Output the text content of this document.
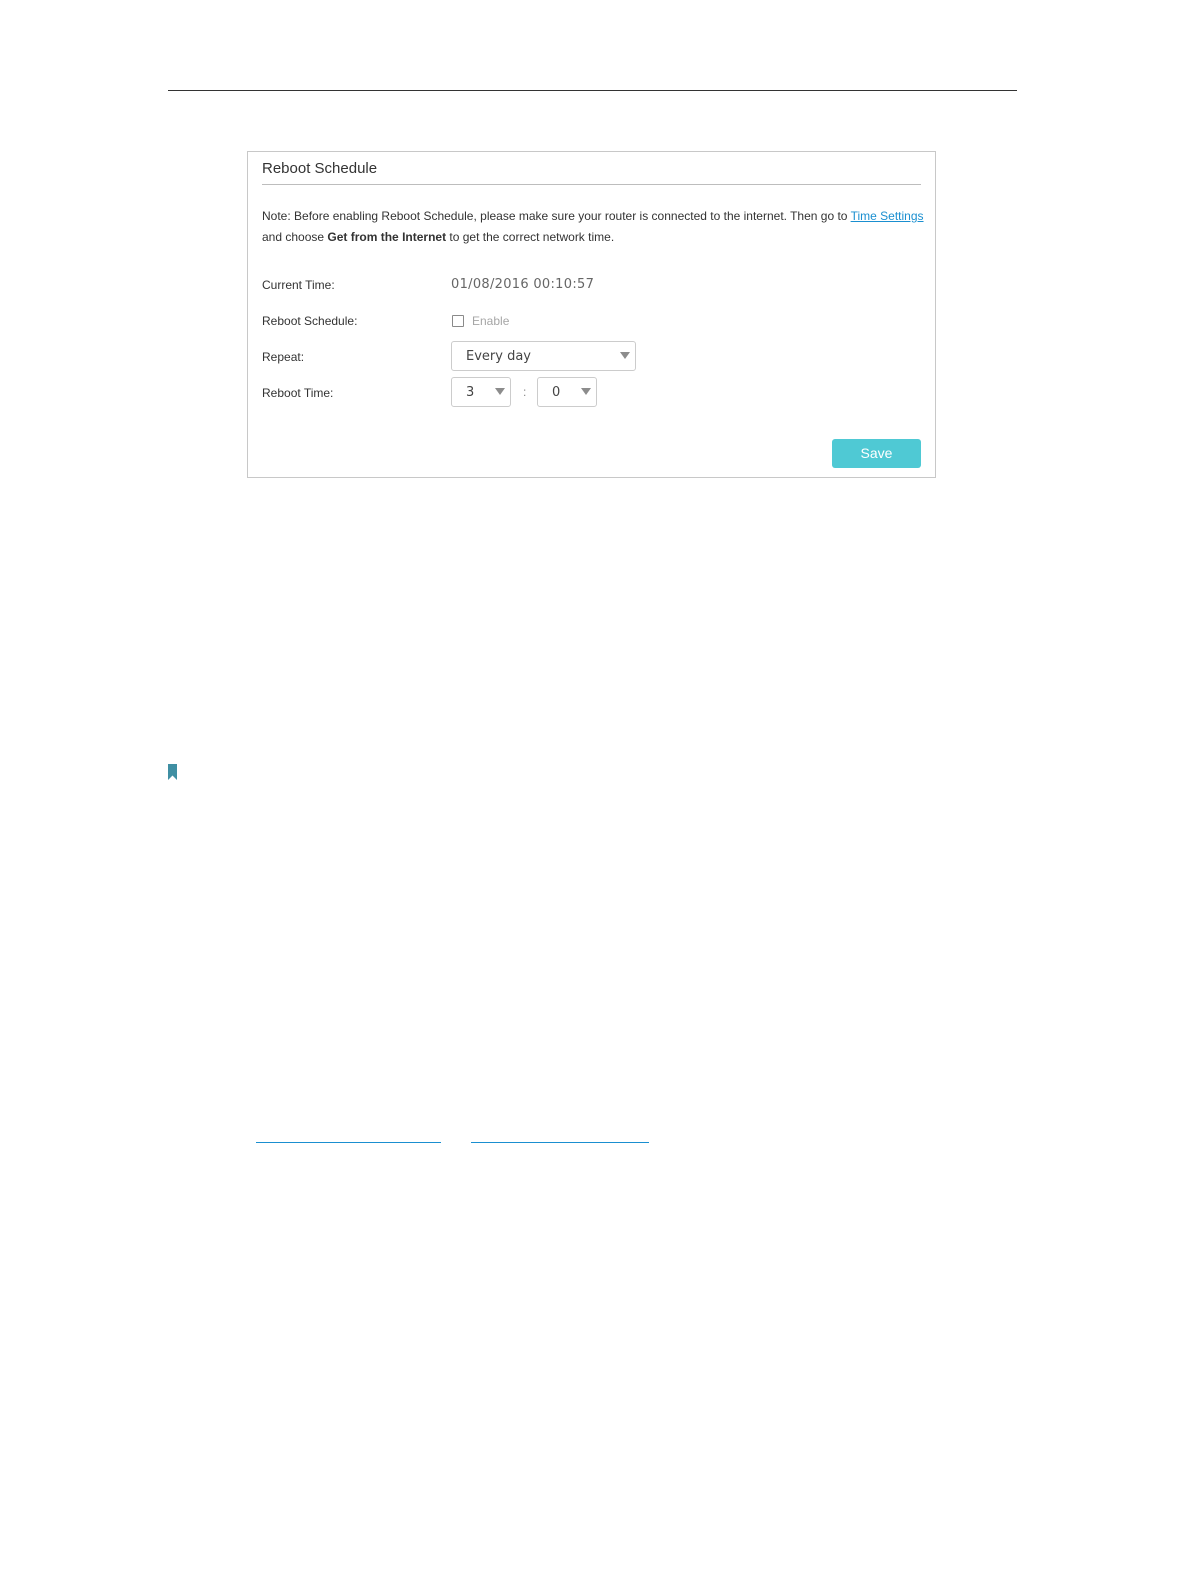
Reboot Schedule
Note: Before enabling Reboot Schedule, please make sure your router is connected to the internet. Then go to Time Settings
and choose Get from the Internet to get the correct network time.
Current Time:	01/08/2016 00:10:57
Reboot Schedule:	Enable
Repeat:	Every day
Reboot Time:	3	: 0
Save
